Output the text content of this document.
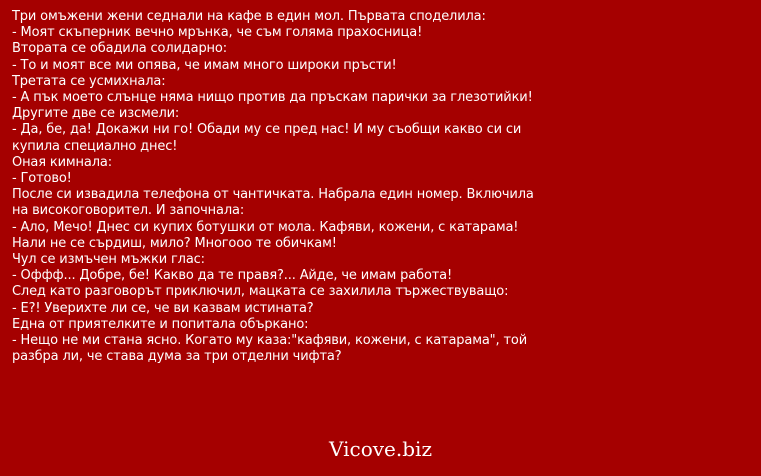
Три омъжени жени седнали на кафе в един мол. Първата споделила:
- Моят скъперник вечно мрънка, че съм голяма прахосница!
Втората се обадила солидарно:
- То и моят все ми опява, че имам много широки пръсти!
Третата се усмихнала:
- А пък моето слънце няма нищо против да пръскам парички за глезотийки!
Другите две се изсмели:
- Да, бе, да! Докажи ни го! Обади му се пред нас! И му съобщи какво си си
купила специално днес!
Оная кимнала:
- Готово!
После си извадила телефона от чантичката. Набрала един номер. Включила
на високоговорител. И започнала:
- Ало, Мечо! Днес си купих ботушки от мола. Кафяви, кожени, с катарама!
Нали не се сърдиш, мило? Многооо те обичкам!
Чул се измъчен мъжки глас:
- Оффф... Добре, бе! Какво да те правя?... Айде, че имам работа!
След като разговорът приключил, мацката се захилила тържествуващо:
- Е?! Уверихте ли се, че ви казвам истината?
Една от приятелките и попитала объркано:
- Нещо не ми стана ясно. Когато му каза:"кафяви, кожени, с катарама", той
разбра ли, че става дума за три отделни чифта?
Vicove.biz
